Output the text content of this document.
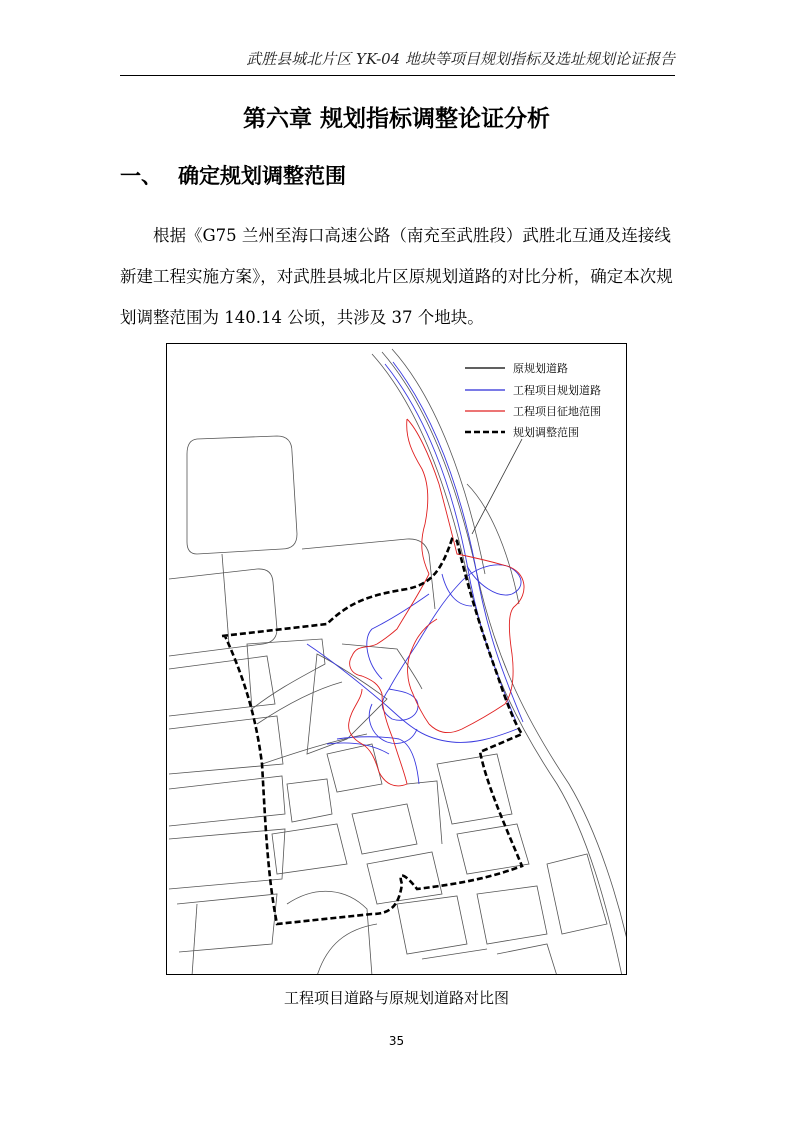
武胜县城北片区 YK-04 地块等项目规划指标及选址规划论证报告
第六章 规划指标调整论证分析
一、 确定规划调整范围

根据《G75 兰州至海口高速公路（南充至武胜段）武胜北互通及连接线新建工程实施方案》，对武胜县城北片区原规划道路的对比分析，确定本次规划调整范围为 140.14 公顷，共涉及 37 个地块。

原规划道路
工程项目规划道路
工程项目征地范围
规划调整范围
工程项目道路与原规划道路对比图
35
